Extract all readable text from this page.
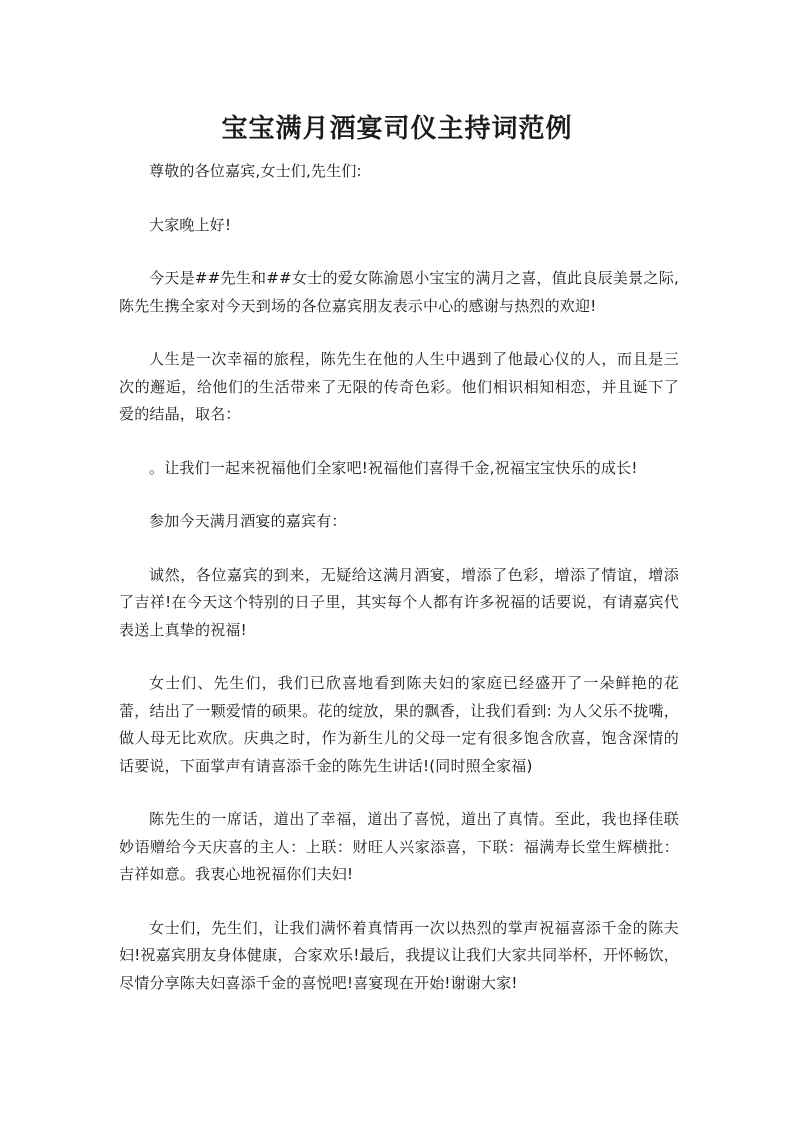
宝宝满月酒宴司仪主持词范例

尊敬的各位嘉宾,女士们,先生们:

大家晚上好!

今天是##先生和##女士的爱女陈渝恩小宝宝的满月之喜，值此良辰美景之际,陈先生携全家对今天到场的各位嘉宾朋友表示中心的感谢与热烈的欢迎!

人生是一次幸福的旅程，陈先生在他的人生中遇到了他最心仪的人，而且是三次的邂逅，给他们的生活带来了无限的传奇色彩。他们相识相知相恋，并且诞下了爱的结晶，取名：

。让我们一起来祝福他们全家吧!祝福他们喜得千金,祝福宝宝快乐的成长!

参加今天满月酒宴的嘉宾有：

诚然，各位嘉宾的到来，无疑给这满月酒宴，增添了色彩，增添了情谊，增添了吉祥!在今天这个特别的日子里，其实每个人都有许多祝福的话要说，有请嘉宾代表送上真挚的祝福!

女士们、先生们，我们已欣喜地看到陈夫妇的家庭已经盛开了一朵鲜艳的花蕾，结出了一颗爱情的硕果。花的绽放，果的飘香，让我们看到: 为人父乐不拢嘴，做人母无比欢欣。庆典之时，作为新生儿的父母一定有很多饱含欣喜，饱含深情的话要说，下面掌声有请喜添千金的陈先生讲话!(同时照全家福)

陈先生的一席话，道出了幸福，道出了喜悦，道出了真情。至此，我也择佳联妙语赠给今天庆喜的主人：上联：财旺人兴家添喜，下联：福满寿长堂生辉横批：吉祥如意。我衷心地祝福你们夫妇!

女士们，先生们，让我们满怀着真情再一次以热烈的掌声祝福喜添千金的陈夫妇!祝嘉宾朋友身体健康，合家欢乐!最后，我提议让我们大家共同举杯，开怀畅饮，尽情分享陈夫妇喜添千金的喜悦吧!喜宴现在开始!谢谢大家!
